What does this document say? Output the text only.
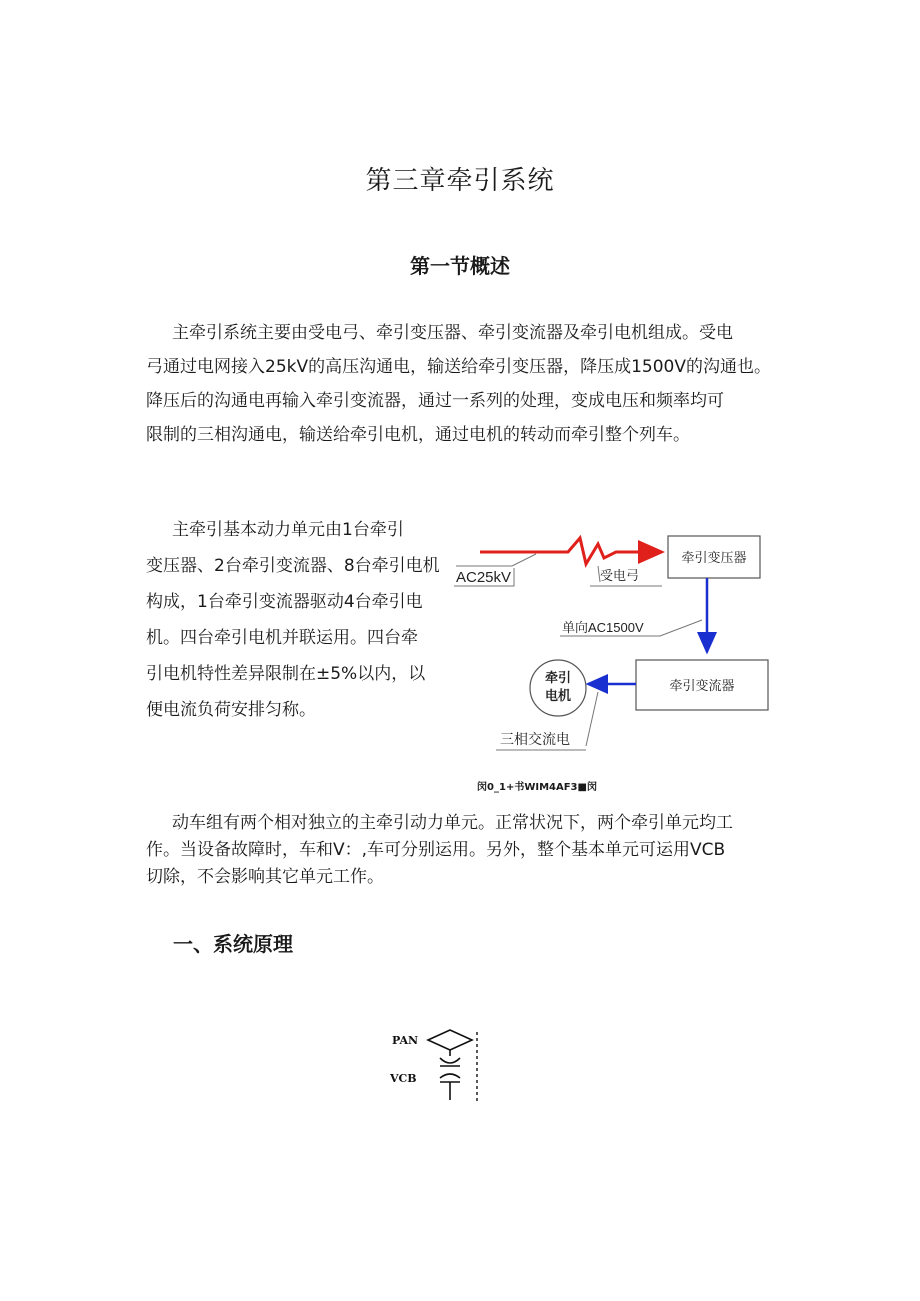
第三章牵引系统
第一节概述

主牵引系统主要由受电弓、牵引变压器、牵引变流器及牵引电机组成。受电
弓通过电网接入25kV的高压沟通电，输送给牵引变压器，降压成1500V的沟通也。
降压后的沟通电再输入牵引变流器，通过一系列的处理，变成电压和频率均可
限制的三相沟通电，输送给牵引电机，通过电机的转动而牵引整个列车。

主牵引基本动力单元由1台牵引
变压器、2台牵引变流器、8台牵引电机
构成，1台牵引变流器驱动4台牵引电
机。四台牵引电机并联运用。四台牵
引电机特性差异限制在±5%以内，以
便电流负荷安排匀称。

AC25kV	受电弓
牵引变压器
单向AC1500V
牵引变流器
牵引
电机
三相交流电
闵0_1+书WIM4AF3■闵

动车组有两个相对独立的主牵引动力单元。正常状况下，两个牵引单元均工
作。当设备故障时，车和V：,车可分别运用。另外，整个基本单元可运用VCB
切除，不会影响其它单元工作。

一、系统原理
PAN
VCB
